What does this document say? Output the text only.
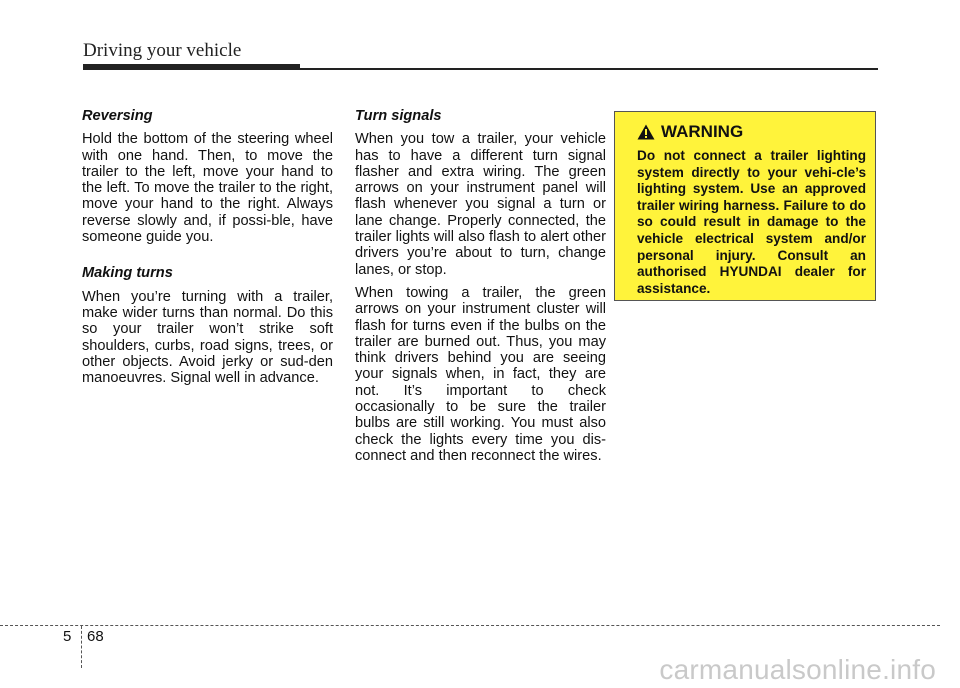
Driving your vehicle
Reversing
Hold the bottom of the steering wheel with one hand. Then, to move the trailer to the left, move your hand to the left. To move the trailer to the right, move your hand to the right. Always reverse slowly and, if possi-ble, have someone guide you.
Making turns
When you’re turning with a trailer, make wider turns than normal. Do this so your trailer won’t strike soft shoulders, curbs, road signs, trees, or other objects. Avoid jerky or sud-den manoeuvres. Signal well in advance.
Turn signals
When you tow a trailer, your vehicle has to have a different turn signal flasher and extra wiring. The green arrows on your instrument panel will flash whenever you signal a turn or lane change. Properly connected, the trailer lights will also flash to alert other drivers you’re about to turn, change lanes, or stop.
When towing a trailer, the green arrows on your instrument cluster will flash for turns even if the bulbs on the trailer are burned out. Thus, you may think drivers behind you are seeing your signals when, in fact, they are not. It’s important to check occasionally to be sure the trailer bulbs are still working. You must also check the lights every time you dis-connect and then reconnect the wires.
WARNING
Do not connect a trailer lighting system directly to your vehi-cle’s lighting system. Use an approved trailer wiring harness. Failure to do so could result in damage to the vehicle electrical system and/or personal injury. Consult an authorised HYUNDAI dealer for assistance.
5 68
carmanualsonline.info
